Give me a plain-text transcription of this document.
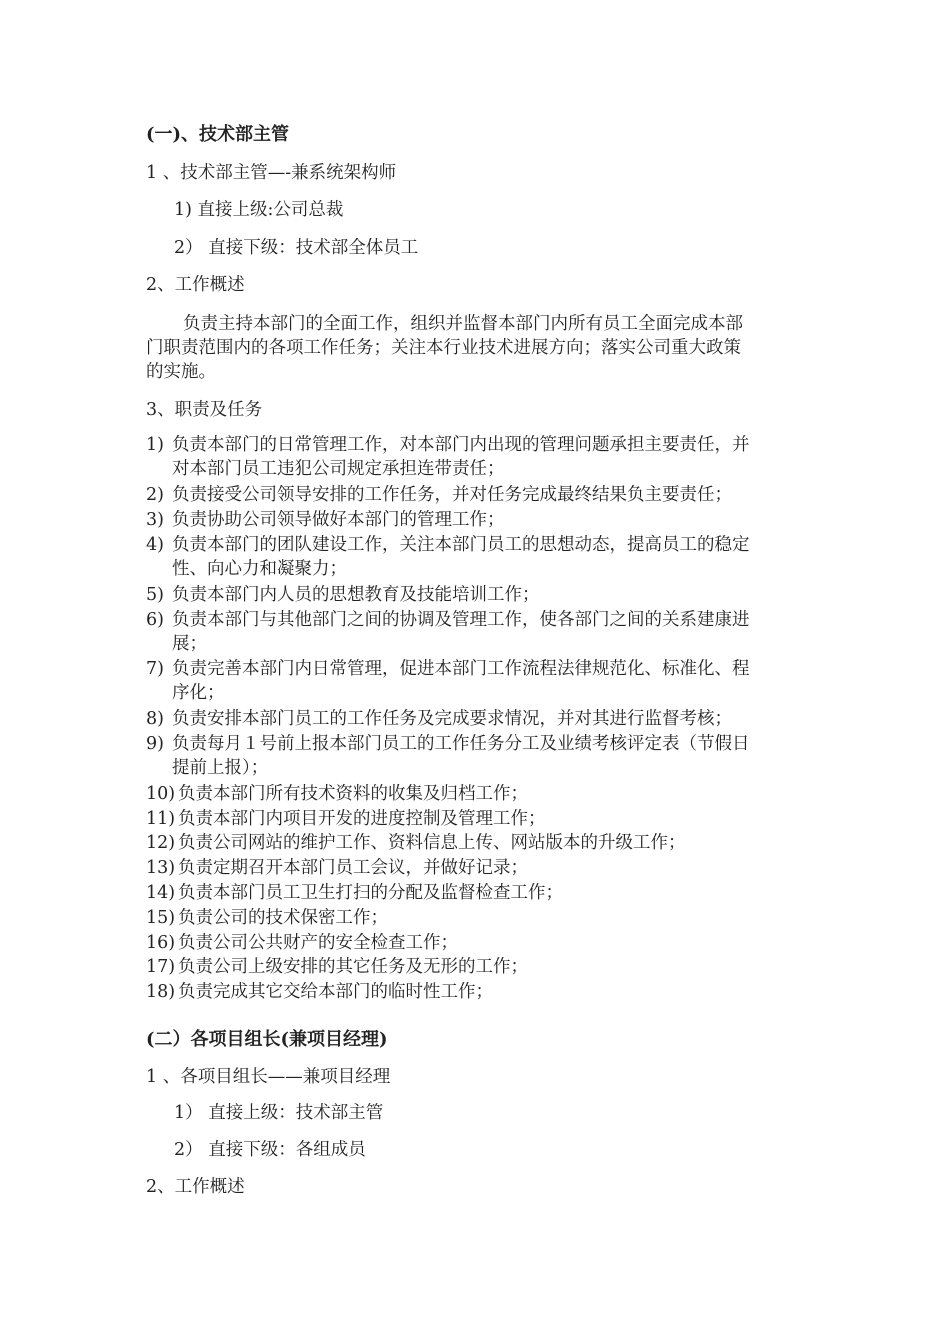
(一)、技术部主管
1 、技术部主管—-兼系统架构师
1) 直接上级:公司总裁
2） 直接下级：技术部全体员工
2、工作概述
负责主持本部门的全面工作，组织并监督本部门内所有员工全面完成本部
门职责范围内的各项工作任务；关注本行业技术进展方向；落实公司重大政策
的实施。
3、职责及任务
1) 负责本部门的日常管理工作，对本部门内出现的管理问题承担主要责任，并
对本部门员工违犯公司规定承担连带责任；
2) 负责接受公司领导安排的工作任务，并对任务完成最终结果负主要责任；
3) 负责协助公司领导做好本部门的管理工作；
4) 负责本部门的团队建设工作，关注本部门员工的思想动态，提高员工的稳定
性、向心力和凝聚力；
5) 负责本部门内人员的思想教育及技能培训工作；
6) 负责本部门与其他部门之间的协调及管理工作，使各部门之间的关系建康进
展；
7) 负责完善本部门内日常管理，促进本部门工作流程法律规范化、标准化、程
序化；
8) 负责安排本部门员工的工作任务及完成要求情况，并对其进行监督考核；
9) 负责每月１号前上报本部门员工的工作任务分工及业绩考核评定表（节假日
提前上报）；
10) 负责本部门所有技术资料的收集及归档工作；
11) 负责本部门内项目开发的进度控制及管理工作；
12) 负责公司网站的维护工作、资料信息上传、网站版本的升级工作；
13) 负责定期召开本部门员工会议，并做好记录；
14) 负责本部门员工卫生打扫的分配及监督检查工作；
15) 负责公司的技术保密工作；
16) 负责公司公共财产的安全检查工作；
17) 负责公司上级安排的其它任务及无形的工作；
18) 负责完成其它交给本部门的临时性工作；
(二）各项目组长(兼项目经理)
1 、各项目组长——兼项目经理
1） 直接上级：技术部主管
2） 直接下级：各组成员
2、工作概述
